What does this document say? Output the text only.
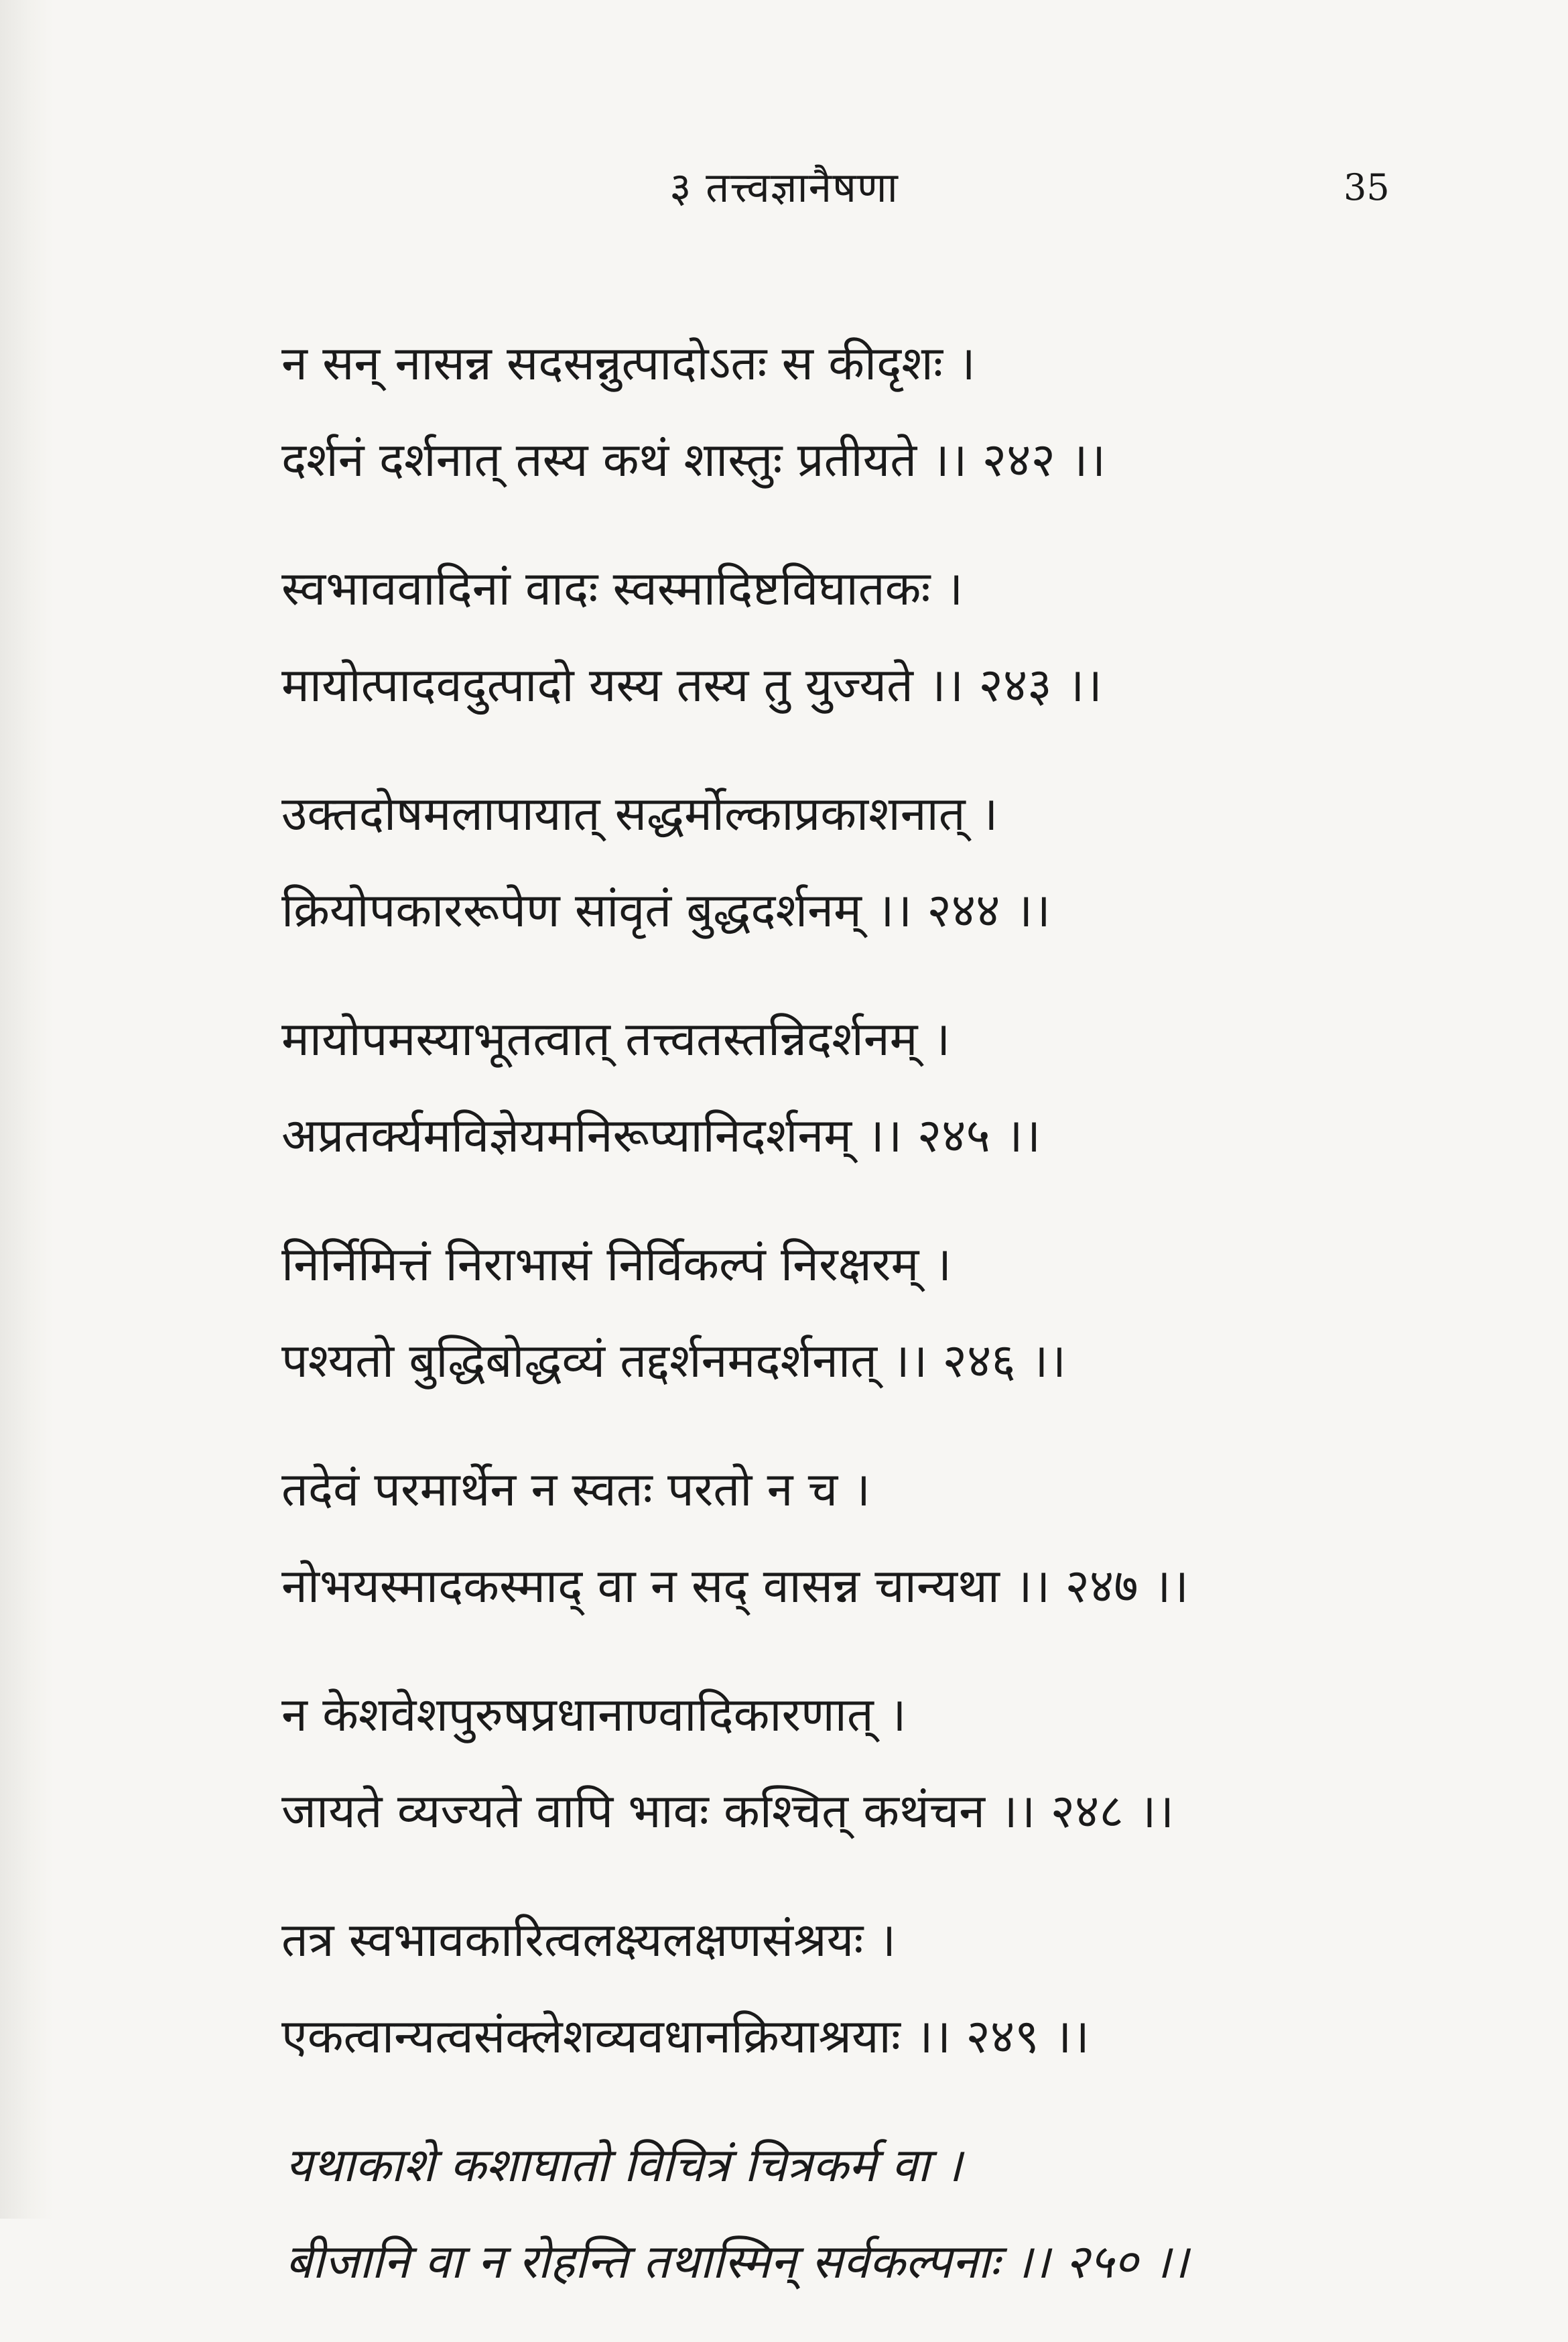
३ तत्त्वज्ञानैषणा	35
न सन् नासन्न सदसन्नुत्पादोऽतः स कीदृशः ।
दर्शनं दर्शनात् तस्य कथं शास्तुः प्रतीयते ।। २४२ ।।
स्वभाववादिनां वादः स्वस्मादिष्टविघातकः ।
मायोत्पादवदुत्पादो यस्य तस्य तु युज्यते ।। २४३ ।।
उक्तदोषमलापायात् सद्धर्मोल्काप्रकाशनात् ।
क्रियोपकाररूपेण सांवृतं बुद्धदर्शनम् ।। २४४ ।।
मायोपमस्याभूतत्वात् तत्त्वतस्तन्निदर्शनम् ।
अप्रतर्क्यमविज्ञेयमनिरूप्यानिदर्शनम् ।। २४५ ।।
निर्निमित्तं निराभासं निर्विकल्पं निरक्षरम् ।
पश्यतो बुद्धिबोद्धव्यं तद्दर्शनमदर्शनात् ।। २४६ ।।
तदेवं परमार्थेन न स्वतः परतो न च ।
नोभयस्मादकस्माद् वा न सद् वासन्न चान्यथा ।। २४७ ।।
न केशवेशपुरुषप्रधानाण्वादिकारणात् ।
जायते व्यज्यते वापि भावः कश्चित् कथंचन ।। २४८ ।।
तत्र स्वभावकारित्वलक्ष्यलक्षणसंश्रयः ।
एकत्वान्यत्वसंक्लेशव्यवधानक्रियाश्रयाः ।। २४९ ।।
यथाकाशे कशाघातो विचित्रं चित्रकर्म वा ।
बीजानि वा न रोहन्ति तथास्मिन् सर्वकल्पनाः ।। २५० ।।
